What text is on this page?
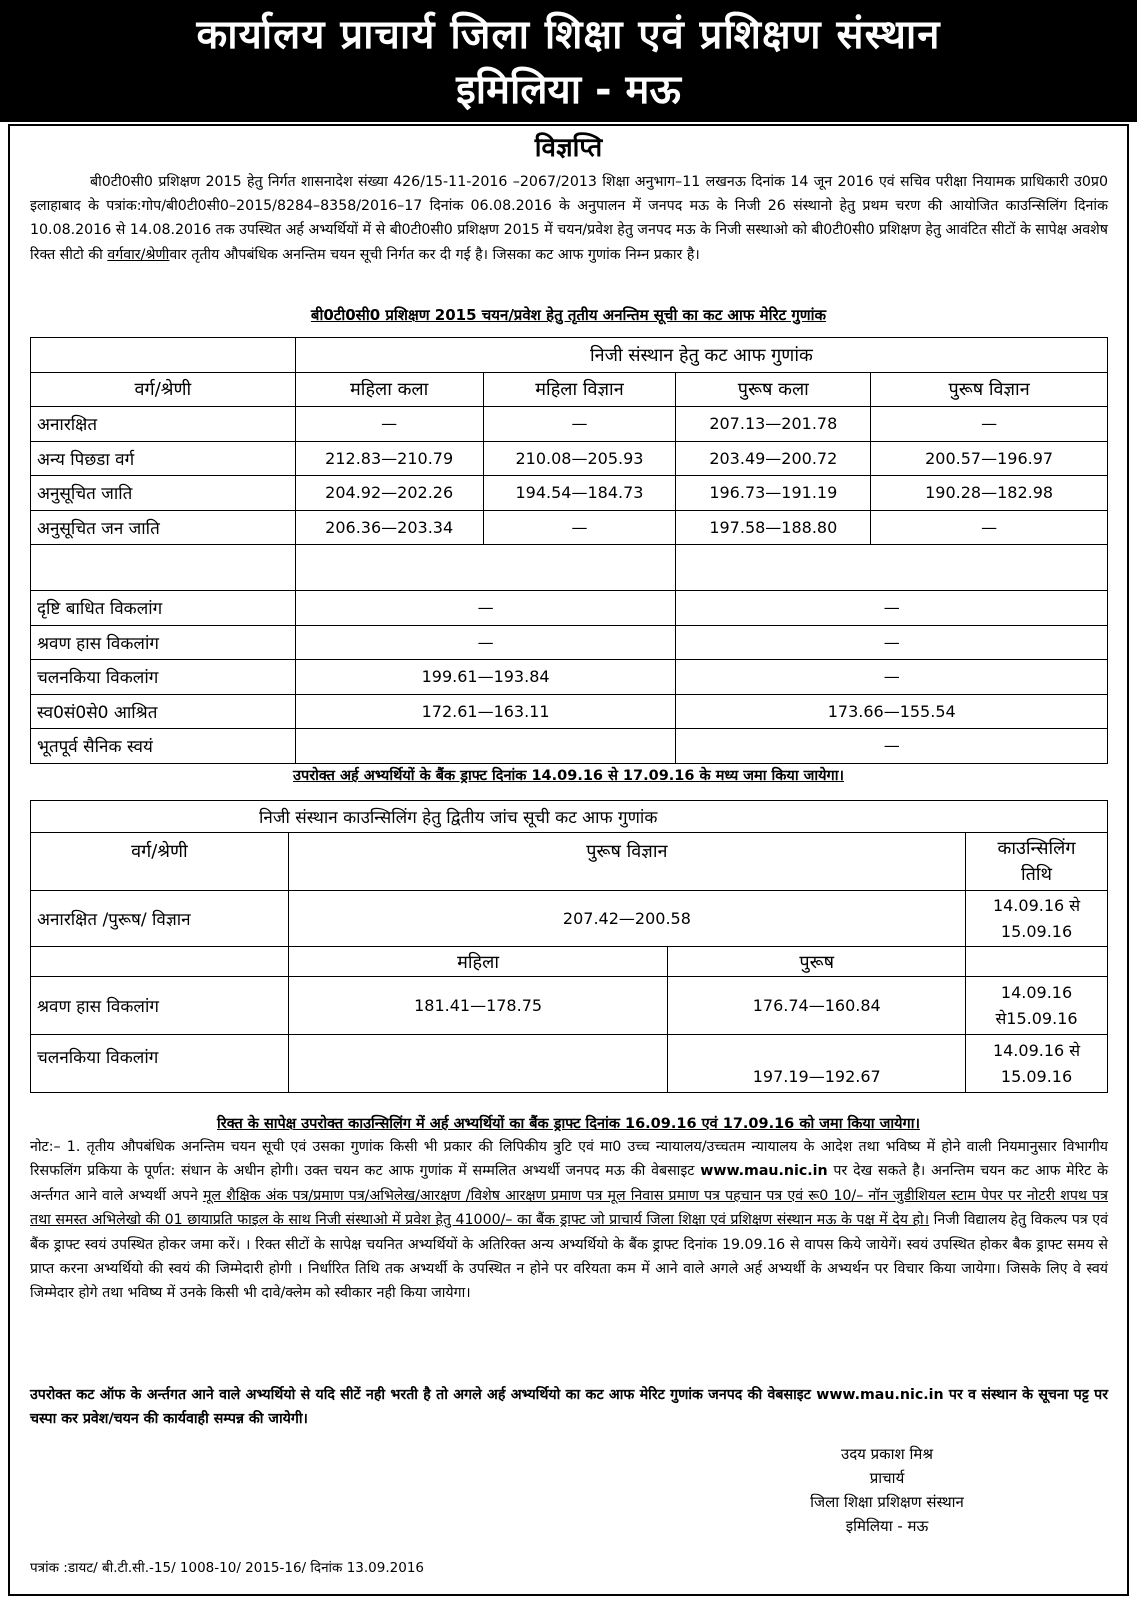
कार्यालय प्राचार्य जिला शिक्षा एवं प्रशिक्षण संस्थान
इमिलिया - मऊ
विज्ञप्ति
बी0टी0सी0 प्रशिक्षण 2015 हेतु निर्गत शासनादेश संख्या 426/15-11-2016 –2067/2013 शिक्षा अनुभाग–11 लखनऊ दिनांक 14 जून 2016 एवं सचिव परीक्षा नियामक प्राधिकारी उ0प्र0 इलाहाबाद के पत्रांक:गोप/बी0टी0सी0–2015/8284–8358/2016–17 दिनांक 06.08.2016 के अनुपालन में जनपद मऊ के निजी 26 संस्थानो हेतु प्रथम चरण की आयोजित काउन्सिलिंग दिनांक 10.08.2016 से 14.08.2016 तक उपस्थित अर्ह अभ्यर्थियों में से बी0टी0सी0 प्रशिक्षण 2015 में चयन/प्रवेश हेतु जनपद मऊ के निजी सस्थाओ को बी0टी0सी0 प्रशिक्षण हेतु आवंटित सीटों के सापेक्ष अवशेष रिक्त सीटो की वर्गवार/श्रेणीवार तृतीय औपबंधिक अनन्तिम चयन सूची निर्गत कर दी गई है। जिसका कट आफ गुणांक निम्न प्रकार है।
बी0टी0सी0 प्रशिक्षण 2015 चयन/प्रवेश हेतु तृतीय अनन्तिम सूची का कट आफ मेरिट गुणांक
	निजी संस्थान हेतु कट आफ गुणांक			
वर्ग/श्रेणी	महिला कला	महिला विज्ञान	पुरूष कला	पुरूष विज्ञान
अनारक्षित	—	—	207.13—201.78	—
अन्य पिछडा वर्ग	212.83—210.79	210.08—205.93	203.49—200.72	200.57—196.97
अनुसूचित जाति	204.92—202.26	194.54—184.73	196.73—191.19	190.28—182.98
अनुसूचित जन जाति	206.36—203.34	—	197.58—188.80	—

दृष्टि बाधित विकलांग	—		—	
श्रवण हास विकलांग	—		—	
चलनकिया विकलांग	199.61—193.84		—	
स्व0सं0से0 आश्रित	172.61—163.11		173.66—155.54	
भूतपूर्व सैनिक स्वयं			—	
उपरोक्त अर्ह अभ्यर्थियों के बैंक ड्राफ्ट दिनांक 14.09.16 से 17.09.16 के मध्य जमा किया जायेगा।
निजी संस्थान काउन्सिलिंग हेतु द्वितीय जांच सूची कट आफ गुणांक			
वर्ग/श्रेणी	पुरूष विज्ञान		काउन्सिलिंग
तिथि

अनारक्षित /पुरूष/ विज्ञान	207.42—200.58		14.09.16 से
15.09.16

	महिला	पुरूष	
श्रवण हास विकलांग	181.41—178.75	176.74—160.84	14.09.16
से15.09.16

चलनकिया विकलांग		197.19—192.67	14.09.16 से
15.09.16
रिक्त के सापेक्ष उपरोक्त काउन्सिलिंग में अर्ह अभ्यर्थियों का बैंक ड्राफ्ट दिनांक 16.09.16 एवं 17.09.16 को जमा किया जायेगा।
नोट:– 1. तृतीय औपबंधिक अनन्तिम चयन सूची एवं उसका गुणांक किसी भी प्रकार की लिपिकीय त्रुटि एवं मा0 उच्च न्यायालय/उच्चतम न्यायालय के आदेश तथा भविष्य में होने वाली नियमानुसार विभागीय रिसफलिंग प्रकिया के पूर्णत: संधान के अधीन होगी। उक्त चयन कट आफ गुणांक में सम्मलित अभ्यर्थी जनपद मऊ की वेबसाइट www.mau.nic.in पर देख सकते है। अनन्तिम चयन कट आफ मेरिट के अर्न्तगत आने वाले अभ्यर्थी अपने मूल शैक्षिक अंक पत्र/प्रमाण पत्र/अभिलेख/आरक्षण /विशेष आरक्षण प्रमाण पत्र मूल निवास प्रमाण पत्र पहचान पत्र एवं रू0 10/– नॉन जुडीशियल स्टाम पेपर पर नोटरी शपथ पत्र तथा समस्त अभिलेखो की 01 छायाप्रति फाइल के साथ निजी संस्थाओ में प्रवेश हेतु 41000/– का बैंक ड्राफ्ट जो प्राचार्य जिला शिक्षा एवं प्रशिक्षण संस्थान मऊ के पक्ष में देय हो। निजी विद्यालय हेतु विकल्प पत्र एवं बैंक ड्राफ्ट स्वयं उपस्थित होकर जमा करें। । रिक्त सीटों के सापेक्ष चयनित अभ्यर्थियों के अतिरिक्त अन्य अभ्यर्थियो के बैंक ड्राफ्ट दिनांक 19.09.16 से वापस किये जायेगें। स्वयं उपस्थित होकर बैक ड्राफ्ट समय से प्राप्त करना अभ्यर्थियो की स्वयं की जिम्मेदारी होगी । निर्धारित तिथि तक अभ्यर्थी के उपस्थित न होने पर वरियता कम में आने वाले अगले अर्ह अभ्यर्थी के अभ्यर्थन पर विचार किया जायेगा। जिसके लिए वे स्वयं जिम्मेदार होगे तथा भविष्य में उनके किसी भी दावे/क्लेम को स्वीकार नही किया जायेगा।
उपरोक्त कट ऑफ के अर्न्तगत आने वाले अभ्यर्थियो से यदि सीटें नही भरती है तो अगले अर्ह अभ्यर्थियो का कट आफ मेरिट गुणांक जनपद की वेबसाइट www.mau.nic.in पर व संस्थान के सूचना पट्ट पर चस्पा कर प्रवेश/चयन की कार्यवाही सम्पन्न की जायेगी।
उदय प्रकाश मिश्र
प्राचार्य
जिला शिक्षा प्रशिक्षण संस्थान
इमिलिया - मऊ
पत्रांक :डायट/ बी.टी.सी.-15/ 1008-10/ 2015-16/ दिनांक 13.09.2016
